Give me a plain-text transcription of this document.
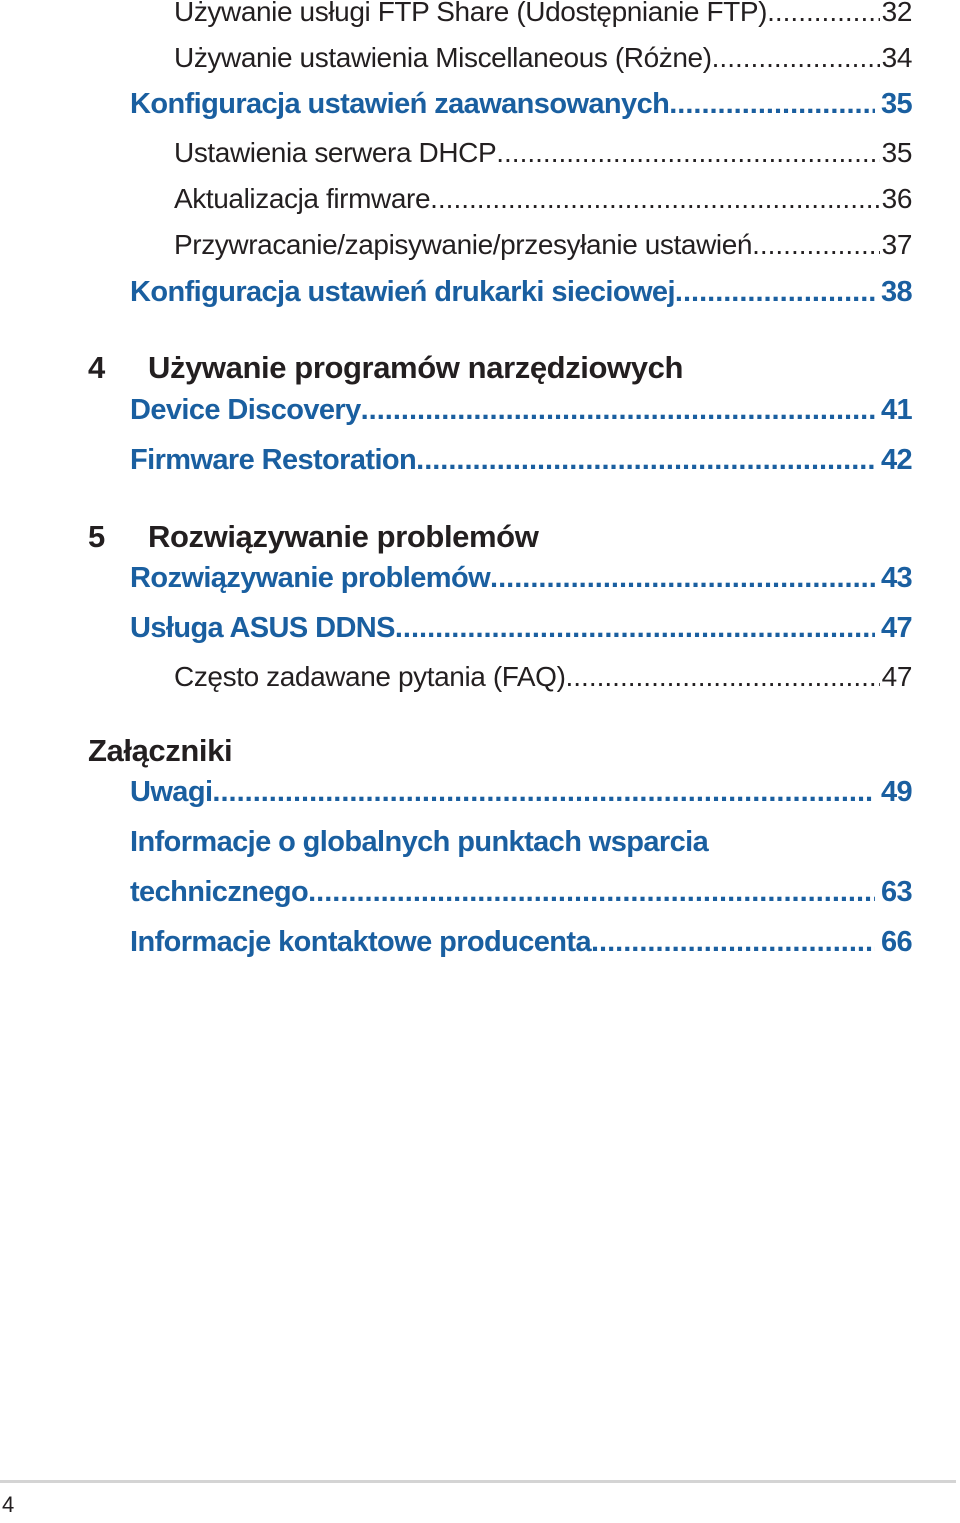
Używanie usługi FTP Share (Udostępnianie FTP) .....	32
Używanie ustawienia Miscellaneous (Różne) .....	34
Konfiguracja ustawień zaawansowanych .....	35
Ustawienia serwera DHCP .....	35
Aktualizacja firmware .....	36
Przywracanie/zapisywanie/przesyłanie ustawień .....	37
Konfiguracja ustawień drukarki sieciowej .....	38
4 Używanie programów narzędziowych
Device Discovery .....	41
Firmware Restoration .....	42
5 Rozwiązywanie problemów
Rozwiązywanie problemów .....	43
Usługa ASUS DDNS .....	47
Często zadawane pytania (FAQ) .....	47
Załączniki
Uwagi .....	49
Informacje o globalnych punktach wsparcia
technicznego .....	63
Informacje kontaktowe producenta .....	66
4
